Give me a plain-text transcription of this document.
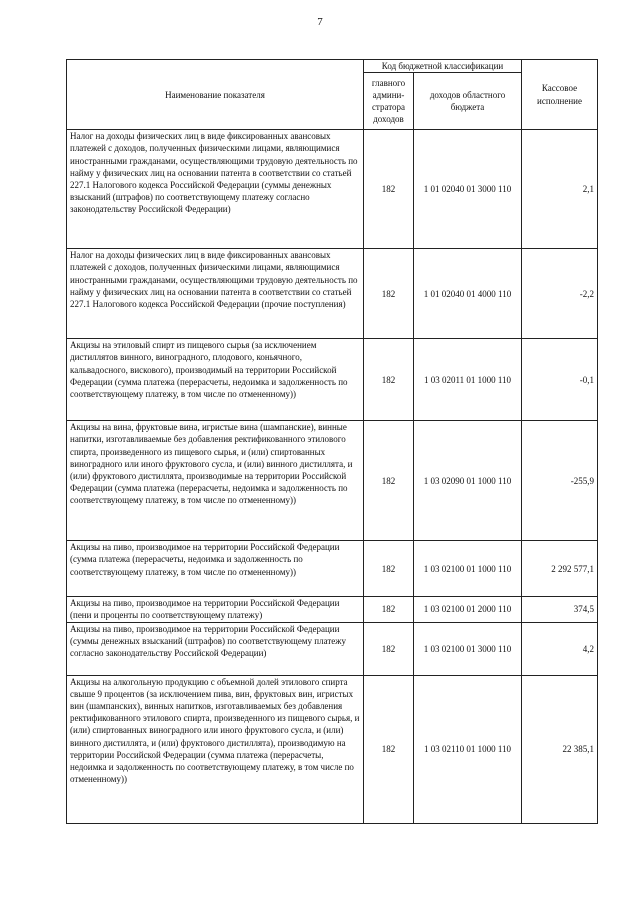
7
Наименование показателя	Код бюджетной классификации		Кассовое исполнение
	главного админи-стратора доходов	доходов областного бюджета	
Налог на доходы физических лиц в виде фиксированных авансовых платежей с доходов, полученных физическими лицами, являющимися иностранными гражданами, осуществляющими трудовую деятельность по найму у физических лиц на основании патента в соответствии со статьей 227.1 Налогового кодекса Российской Федерации (суммы денежных взысканий (штрафов) по соответствующему платежу согласно законодательству Российской Федерации)	182	1 01 02040 01 3000 110	2,1
Налог на доходы физических лиц в виде фиксированных авансовых платежей с доходов, полученных физическими лицами, являющимися иностранными гражданами, осуществляющими трудовую деятельность по найму у физических лиц на основании патента в соответствии со статьей 227.1 Налогового кодекса Российской Федерации (прочие поступления)	182	1 01 02040 01 4000 110	-2,2
Акцизы на этиловый спирт из пищевого сырья (за исключением дистиллятов винного, виноградного, плодового, коньячного, кальвадосного, вискового), производимый на территории Российской Федерации (сумма платежа (перерасчеты, недоимка и задолженность по соответствующему платежу, в том числе по отмененному))	182	1 03 02011 01 1000 110	-0,1
Акцизы на вина, фруктовые вина, игристые вина (шампанские), винные напитки, изготавливаемые без добавления ректификованного этилового спирта, произведенного из пищевого сырья, и (или) спиртованных виноградного или иного фруктового сусла, и (или) винного дистиллята, и (или) фруктового дистиллята, производимые на территории Российской Федерации (сумма платежа (перерасчеты, недоимка и задолженность по соответствующему платежу, в том числе по отмененному))	182	1 03 02090 01 1000 110	-255,9
Акцизы на пиво, производимое на территории Российской Федерации (сумма платежа (перерасчеты, недоимка и задолженность по соответствующему платежу, в том числе по отмененному))	182	1 03 02100 01 1000 110	2 292 577,1
Акцизы на пиво, производимое на территории Российской Федерации (пени и проценты по соответствующему платежу)	182	1 03 02100 01 2000 110	374,5
Акцизы на пиво, производимое на территории Российской Федерации (суммы денежных взысканий (штрафов) по соответствующему платежу согласно законодательству Российской Федерации)	182	1 03 02100 01 3000 110	4,2
Акцизы на алкогольную продукцию с объемной долей этилового спирта свыше 9 процентов (за исключением пива, вин, фруктовых вин, игристых вин (шампанских), винных напитков, изготавливаемых без добавления ректификованного этилового спирта, произведенного из пищевого сырья, и (или) спиртованных виноградного или иного фруктового сусла, и (или) винного дистиллята, и (или) фруктового дистиллята), производимую на территории Российской Федерации (сумма платежа (перерасчеты, недоимка и задолженность по соответствующему платежу, в том числе по отмененному))	182	1 03 02110 01 1000 110	22 385,1
